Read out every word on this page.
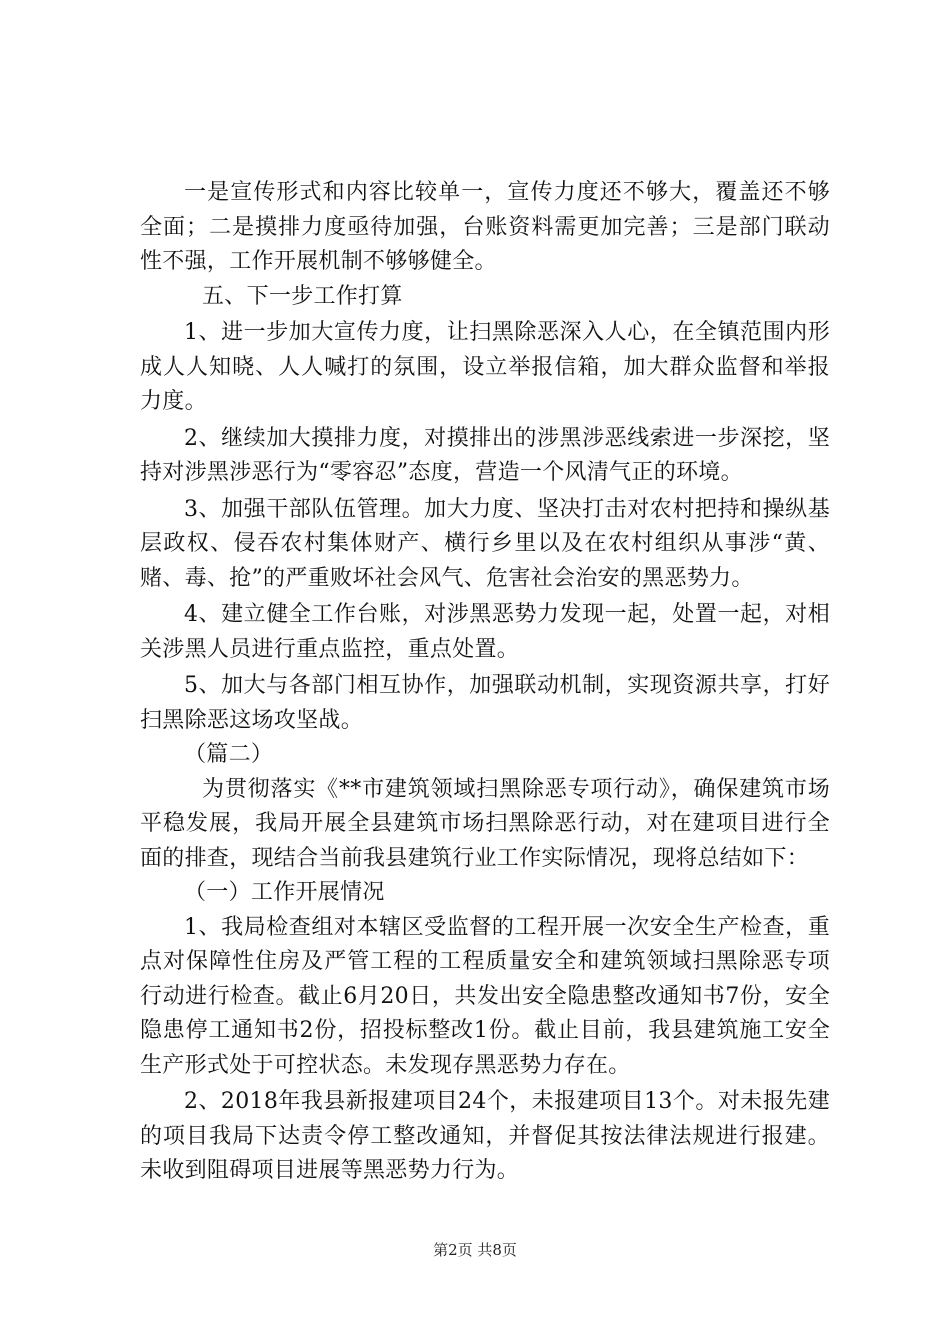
一是宣传形式和内容比较单一，宣传力度还不够大，覆盖还不够全面；二是摸排力度亟待加强，台账资料需更加完善；三是部门联动性不强，工作开展机制不够够健全。

五、下一步工作打算

1、进一步加大宣传力度，让扫黑除恶深入人心，在全镇范围内形成人人知晓、人人喊打的氛围，设立举报信箱，加大群众监督和举报力度。

2、继续加大摸排力度，对摸排出的涉黑涉恶线索进一步深挖，坚持对涉黑涉恶行为“零容忍”态度，营造一个风清气正的环境。

3、加强干部队伍管理。加大力度、坚决打击对农村把持和操纵基层政权、侵吞农村集体财产、横行乡里以及在农村组织从事涉“黄、赌、毒、抢”的严重败坏社会风气、危害社会治安的黑恶势力。

4、建立健全工作台账，对涉黑恶势力发现一起，处置一起，对相关涉黑人员进行重点监控，重点处置。

5、加大与各部门相互协作，加强联动机制，实现资源共享，打好扫黑除恶这场攻坚战。

（篇二）

为贯彻落实《**市建筑领域扫黑除恶专项行动》，确保建筑市场平稳发展，我局开展全县建筑市场扫黑除恶行动，对在建项目进行全面的排查，现结合当前我县建筑行业工作实际情况，现将总结如下：

（一）工作开展情况

1、我局检查组对本辖区受监督的工程开展一次安全生产检查，重点对保障性住房及严管工程的工程质量安全和建筑领域扫黑除恶专项行动进行检查。截止6月20日，共发出安全隐患整改通知书7份，安全隐患停工通知书2份，招投标整改1份。截止目前，我县建筑施工安全生产形式处于可控状态。未发现存黑恶势力存在。

2、2018年我县新报建项目24个，未报建项目13个。对未报先建的项目我局下达责令停工整改通知，并督促其按法律法规进行报建。未收到阻碍项目进展等黑恶势力行为。

第2页 共8页
